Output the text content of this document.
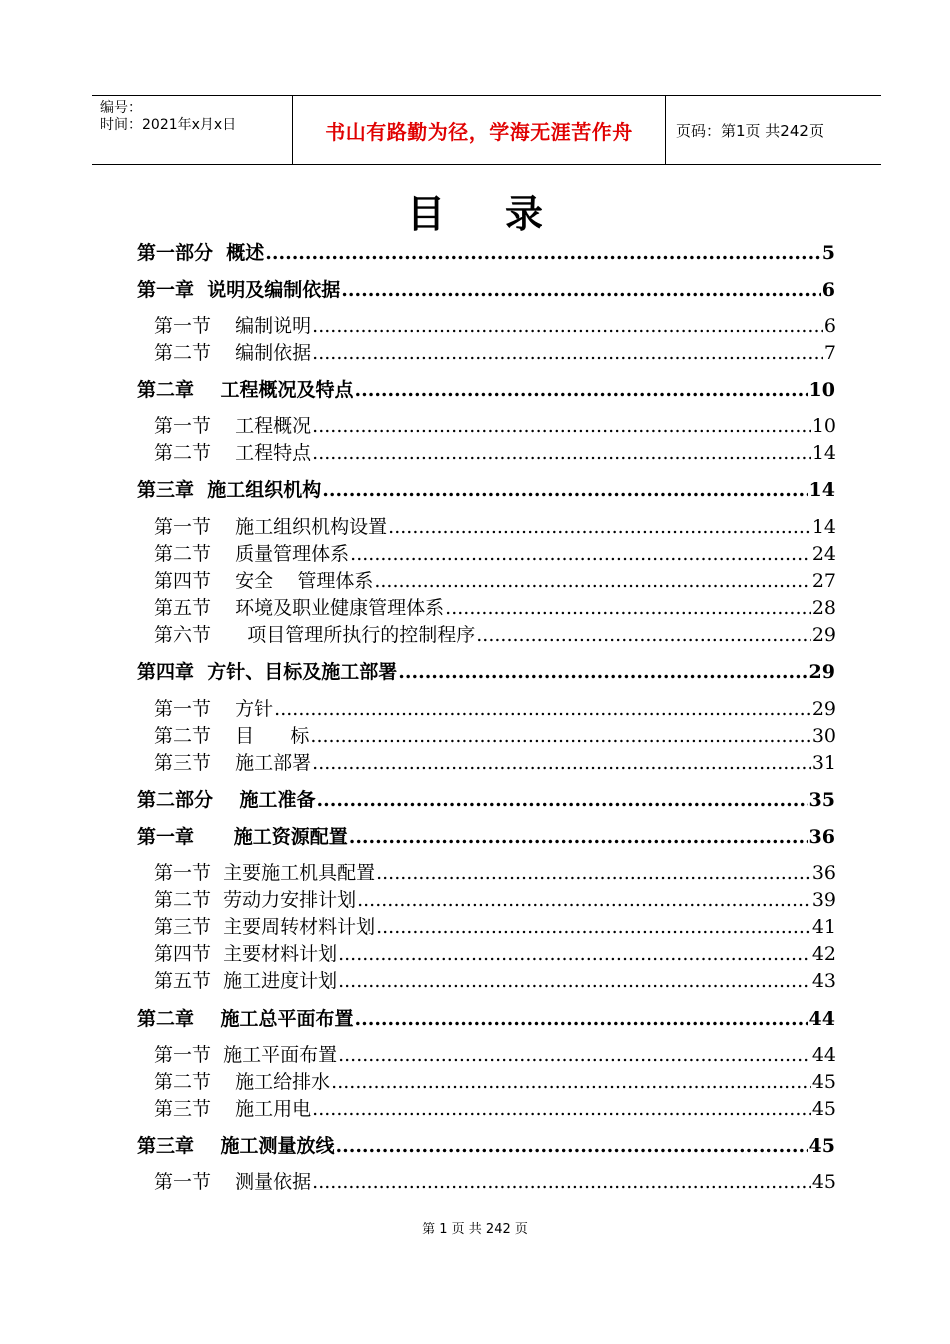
编号：
时间：2021年x月x日	书山有路勤为径，学海无涯苦作舟	页码：第1页 共242页
目录
第一部分  概述 .....	5
第一章  说明及编制依据 .....	6
第一节    编制说明 .....	6
第二节    编制依据 .....	7
第二章    工程概况及特点 .....	10
第一节    工程概况 .....	10
第二节    工程特点 .....	14
第三章  施工组织机构 .....	14
第一节    施工组织机构设置 .....	14
第二节    质量管理体系 .....	24
第四节    安全    管理体系 .....	27
第五节    环境及职业健康管理体系 .....	28
第六节      项目管理所执行的控制程序 .....	29
第四章  方针、目标及施工部署 .....	29
第一节    方针 .....	29
第二节    目      标 .....	30
第三节    施工部署 .....	31
第二部分    施工准备 .....	35
第一章      施工资源配置 .....	36
第一节  主要施工机具配置 .....	36
第二节  劳动力安排计划 .....	39
第三节  主要周转材料计划 .....	41
第四节  主要材料计划 .....	42
第五节  施工进度计划 .....	43
第二章    施工总平面布置 .....	44
第一节  施工平面布置 .....	44
第二节    施工给排水 .....	45
第三节    施工用电 .....	45
第三章    施工测量放线 .....	45
第一节    测量依据 .....	45
第 1 页 共 242 页
